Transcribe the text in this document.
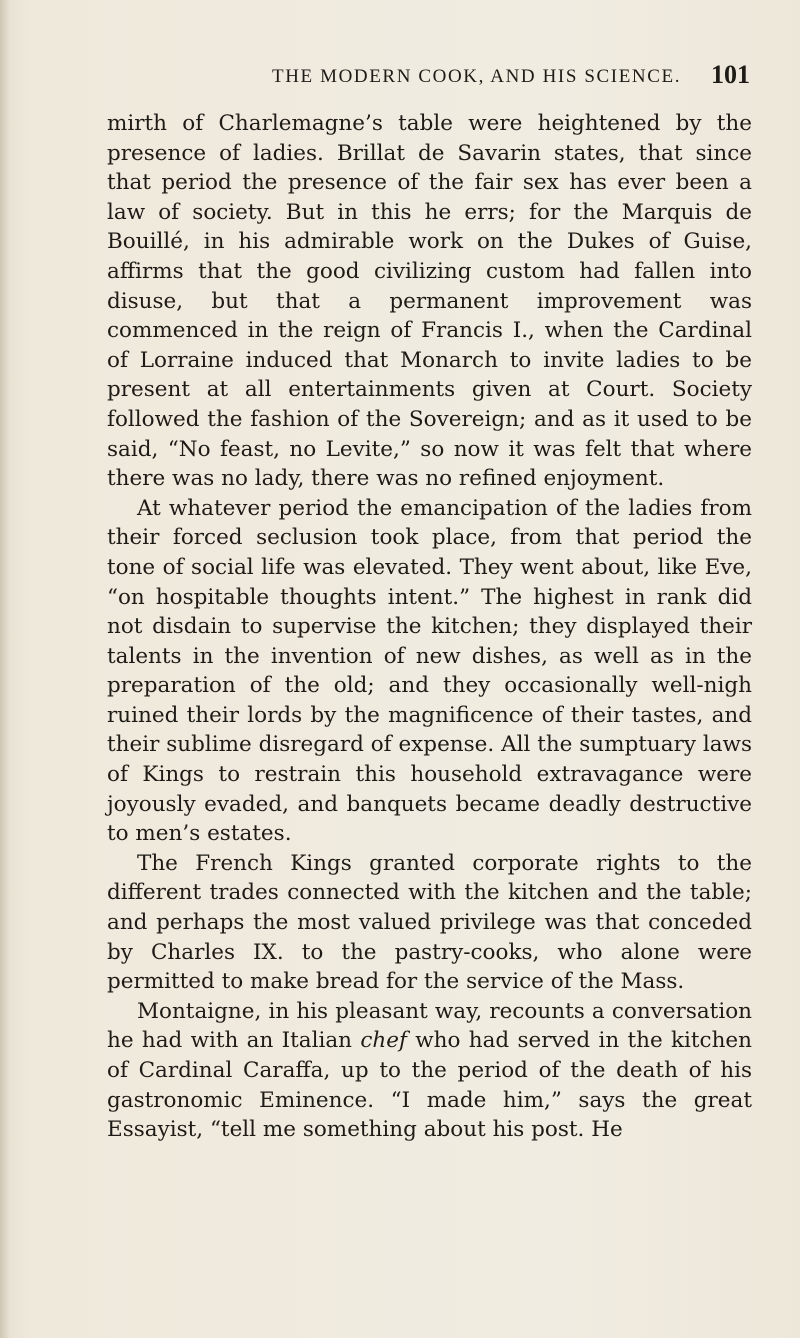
THE MODERN COOK, AND HIS SCIENCE. 101

mirth of Charlemagne’s table were heightened by the presence of ladies. Brillat de Savarin states, that since that period the presence of the fair sex has ever been a law of society. But in this he errs; for the Marquis de Bouillé, in his admirable work on the Dukes of Guise, affirms that the good civilizing custom had fallen into disuse, but that a permanent improvement was commenced in the reign of Francis I., when the Cardinal of Lorraine induced that Monarch to invite ladies to be present at all entertainments given at Court. Society followed the fashion of the Sovereign; and as it used to be said, “No feast, no Levite,” so now it was felt that where there was no lady, there was no refined enjoyment.

At whatever period the emancipation of the ladies from their forced seclusion took place, from that period the tone of social life was elevated. They went about, like Eve, “on hospitable thoughts intent.” The highest in rank did not disdain to supervise the kitchen; they displayed their talents in the invention of new dishes, as well as in the preparation of the old; and they occasionally well-nigh ruined their lords by the magnificence of their tastes, and their sublime disregard of expense. All the sumptuary laws of Kings to restrain this household extravagance were joyously evaded, and banquets became deadly destructive to men’s estates.

The French Kings granted corporate rights to the different trades connected with the kitchen and the table; and perhaps the most valued privilege was that conceded by Charles IX. to the pastry-cooks, who alone were permitted to make bread for the service of the Mass.

Montaigne, in his pleasant way, recounts a conversation he had with an Italian chef who had served in the kitchen of Cardinal Caraffa, up to the period of the death of his gastronomic Eminence. “I made him,” says the great Essayist, “tell me something about his post. He
